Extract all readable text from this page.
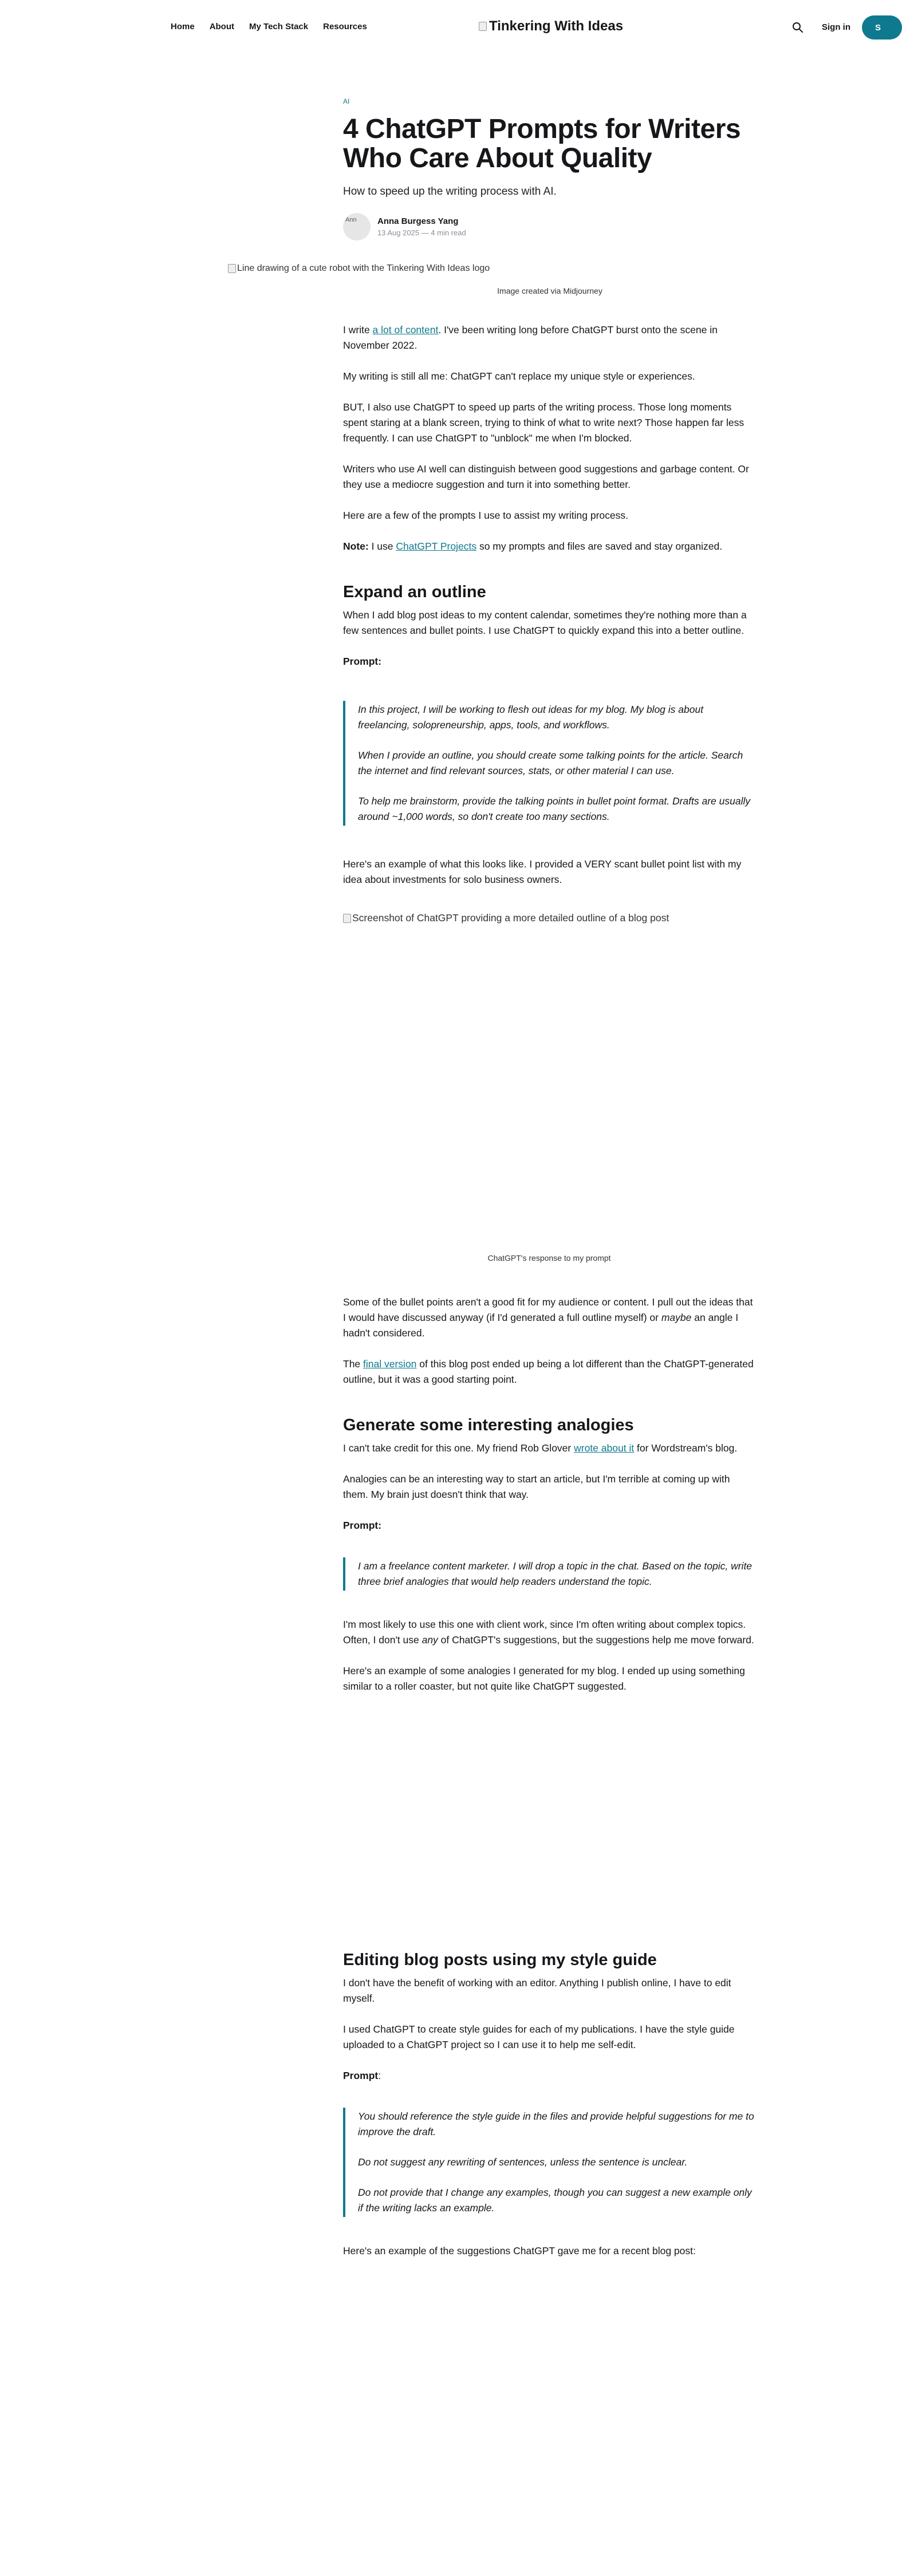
Home About My Tech Stack Resources	Tinkering With Ideas	Sign in	S
AI
4 ChatGPT Prompts for Writers Who Care About Quality
How to speed up the writing process with AI.
Ann Anna Burgess Yang
13 Aug 2025 — 4 min read
Line drawing of a cute robot with the Tinkering With Ideas logo
Image created via Midjourney

I write a lot of content. I've been writing long before ChatGPT burst onto the scene in November 2022.

My writing is still all me: ChatGPT can't replace my unique style or experiences.

BUT, I also use ChatGPT to speed up parts of the writing process. Those long moments spent staring at a blank screen, trying to think of what to write next? Those happen far less frequently. I can use ChatGPT to "unblock" me when I'm blocked.

Writers who use AI well can distinguish between good suggestions and garbage content. Or they use a mediocre suggestion and turn it into something better.

Here are a few of the prompts I use to assist my writing process.

Note: I use ChatGPT Projects so my prompts and files are saved and stay organized.

Expand an outline

When I add blog post ideas to my content calendar, sometimes they're nothing more than a few sentences and bullet points. I use ChatGPT to quickly expand this into a better outline.

Prompt:

In this project, I will be working to flesh out ideas for my blog. My blog is about freelancing, solopreneurship, apps, tools, and workflows.

When I provide an outline, you should create some talking points for the article. Search the internet and find relevant sources, stats, or other material I can use.

To help me brainstorm, provide the talking points in bullet point format. Drafts are usually around ~1,000 words, so don't create too many sections.

Here's an example of what this looks like. I provided a VERY scant bullet point list with my idea about investments for solo business owners.

Screenshot of ChatGPT providing a more detailed outline of a blog post
ChatGPT's response to my prompt

Some of the bullet points aren't a good fit for my audience or content. I pull out the ideas that I would have discussed anyway (if I'd generated a full outline myself) or maybe an angle I hadn't considered.

The final version of this blog post ended up being a lot different than the ChatGPT-generated outline, but it was a good starting point.

Generate some interesting analogies

I can't take credit for this one. My friend Rob Glover wrote about it for Wordstream's blog.

Analogies can be an interesting way to start an article, but I'm terrible at coming up with them. My brain just doesn't think that way.

Prompt:

I am a freelance content marketer. I will drop a topic in the chat. Based on the topic, write three brief analogies that would help readers understand the topic.

I'm most likely to use this one with client work, since I'm often writing about complex topics. Often, I don't use any of ChatGPT's suggestions, but the suggestions help me move forward.

Here's an example of some analogies I generated for my blog. I ended up using something similar to a roller coaster, but not quite like ChatGPT suggested.

Editing blog posts using my style guide

I don't have the benefit of working with an editor. Anything I publish online, I have to edit myself.

I used ChatGPT to create style guides for each of my publications. I have the style guide uploaded to a ChatGPT project so I can use it to help me self-edit.

Prompt:

You should reference the style guide in the files and provide helpful suggestions for me to improve the draft.

Do not suggest any rewriting of sentences, unless the sentence is unclear.

Do not provide that I change any examples, though you can suggest a new example only if the writing lacks an example.

Here's an example of the suggestions ChatGPT gave me for a recent blog post:
